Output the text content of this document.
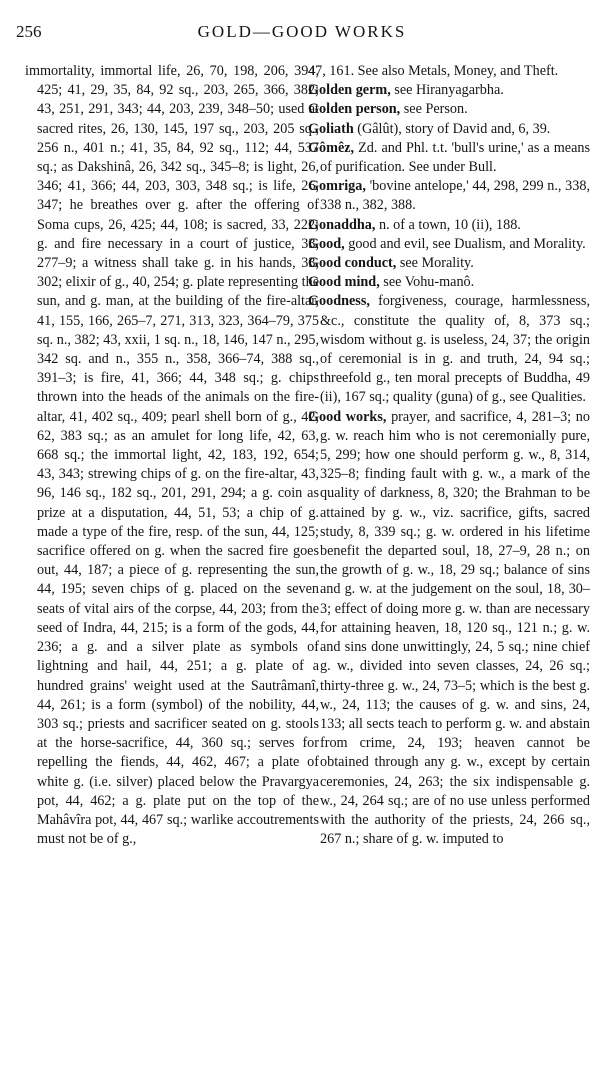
256	GOLD—GOOD WORKS

immortality, immortal life, 26, 70, 198, 206, 394, 425; 41, 29, 35, 84, 92 sq., 203, 265, 366, 382; 43, 251, 291, 343; 44, 203, 239, 348–50; used at sacred rites, 26, 130, 145, 197 sq., 203, 205 sq., 256 n., 401 n.; 41, 35, 84, 92 sq., 112; 44, 537 sq.; as Dakshinâ, 26, 342 sq., 345–8; is light, 26, 346; 41, 366; 44, 203, 303, 348 sq.; is life, 26, 347; he breathes over g. after the offering of Soma cups, 26, 425; 44, 108; is sacred, 33, 222; g. and fire necessary in a court of justice, 33, 277–9; a witness shall take g. in his hands, 33, 302; elixir of g., 40, 254; g. plate representing the sun, and g. man, at the building of the fire-altar, 41, 155, 166, 265–7, 271, 313, 323, 364–79, 375 sq. n., 382; 43, xxii, 1 sq. n., 18, 146, 147 n., 295, 342 sq. and n., 355 n., 358, 366–74, 388 sq., 391–3; is fire, 41, 366; 44, 348 sq.; g. chips thrown into the heads of the animals on the fire-altar, 41, 402 sq., 409; pearl shell born of g., 42, 62, 383 sq.; as an amulet for long life, 42, 63, 668 sq.; the immortal light, 42, 183, 192, 654; 43, 343; strewing chips of g. on the fire-altar, 43, 96, 146 sq., 182 sq., 201, 291, 294; a g. coin as prize at a disputation, 44, 51, 53; a chip of g. made a type of the fire, resp. of the sun, 44, 125; sacrifice offered on g. when the sacred fire goes out, 44, 187; a piece of g. representing the sun, 44, 195; seven chips of g. placed on the seven seats of vital airs of the corpse, 44, 203; from the seed of Indra, 44, 215; is a form of the gods, 44, 236; a g. and a silver plate as symbols of lightning and hail, 44, 251; a g. plate of a hundred grains' weight used at the Sautrâmanî, 44, 261; is a form (symbol) of the nobility, 44, 303 sq.; priests and sacrificer seated on g. stools at the horse-sacrifice, 44, 360 sq.; serves for repelling the fiends, 44, 462, 467; a plate of white g. (i.e. silver) placed below the Pravargya pot, 44, 462; a g. plate put on the top of the Mahâvîra pot, 44, 467 sq.; warlike accoutrements must not be of g.,

47, 161. See also Metals, Money, and Theft.

Golden germ, see Hiranyagarbha.

Golden person, see Person.

Goliath (Gâlût), story of David and, 6, 39.

Gômêz, Zd. and Phl. t.t. 'bull's urine,' as a means of purification. See under Bull.

Gomriga, 'bovine antelope,' 44, 298, 299 n., 338, 338 n., 382, 388.

Gonaddha, n. of a town, 10 (ii), 188.

Good, good and evil, see Dualism, and Morality.

Good conduct, see Morality.

Good mind, see Vohu-manô.

Goodness, forgiveness, courage, harmlessness, &c., constitute the quality of, 8, 373 sq.; wisdom without g. is useless, 24, 37; the origin of ceremonial is in g. and truth, 24, 94 sq.; threefold g., ten moral precepts of Buddha, 49 (ii), 167 sq.; quality (guna) of g., see Qualities.

Good works, prayer, and sacrifice, 4, 281–3; no g. w. reach him who is not ceremonially pure, 5, 299; how one should perform g. w., 8, 314, 325–8; finding fault with g. w., a mark of the quality of darkness, 8, 320; the Brahman to be attained by g. w., viz. sacrifice, gifts, sacred study, 8, 339 sq.; g. w. ordered in his lifetime benefit the departed soul, 18, 27–9, 28 n.; on the growth of g. w., 18, 29 sq.; balance of sins and g. w. at the judgement on the soul, 18, 30–3; effect of doing more g. w. than are necessary for attaining heaven, 18, 120 sq., 121 n.; g. w. and sins done unwittingly, 24, 5 sq.; nine chief g. w., divided into seven classes, 24, 26 sq.; thirty-three g. w., 24, 73–5; which is the best g. w., 24, 113; the causes of g. w. and sins, 24, 133; all sects teach to perform g. w. and abstain from crime, 24, 193; heaven cannot be obtained through any g. w., except by certain ceremonies, 24, 263; the six indispensable g. w., 24, 264 sq.; are of no use unless performed with the authority of the priests, 24, 266 sq., 267 n.; share of g. w. imputed to
